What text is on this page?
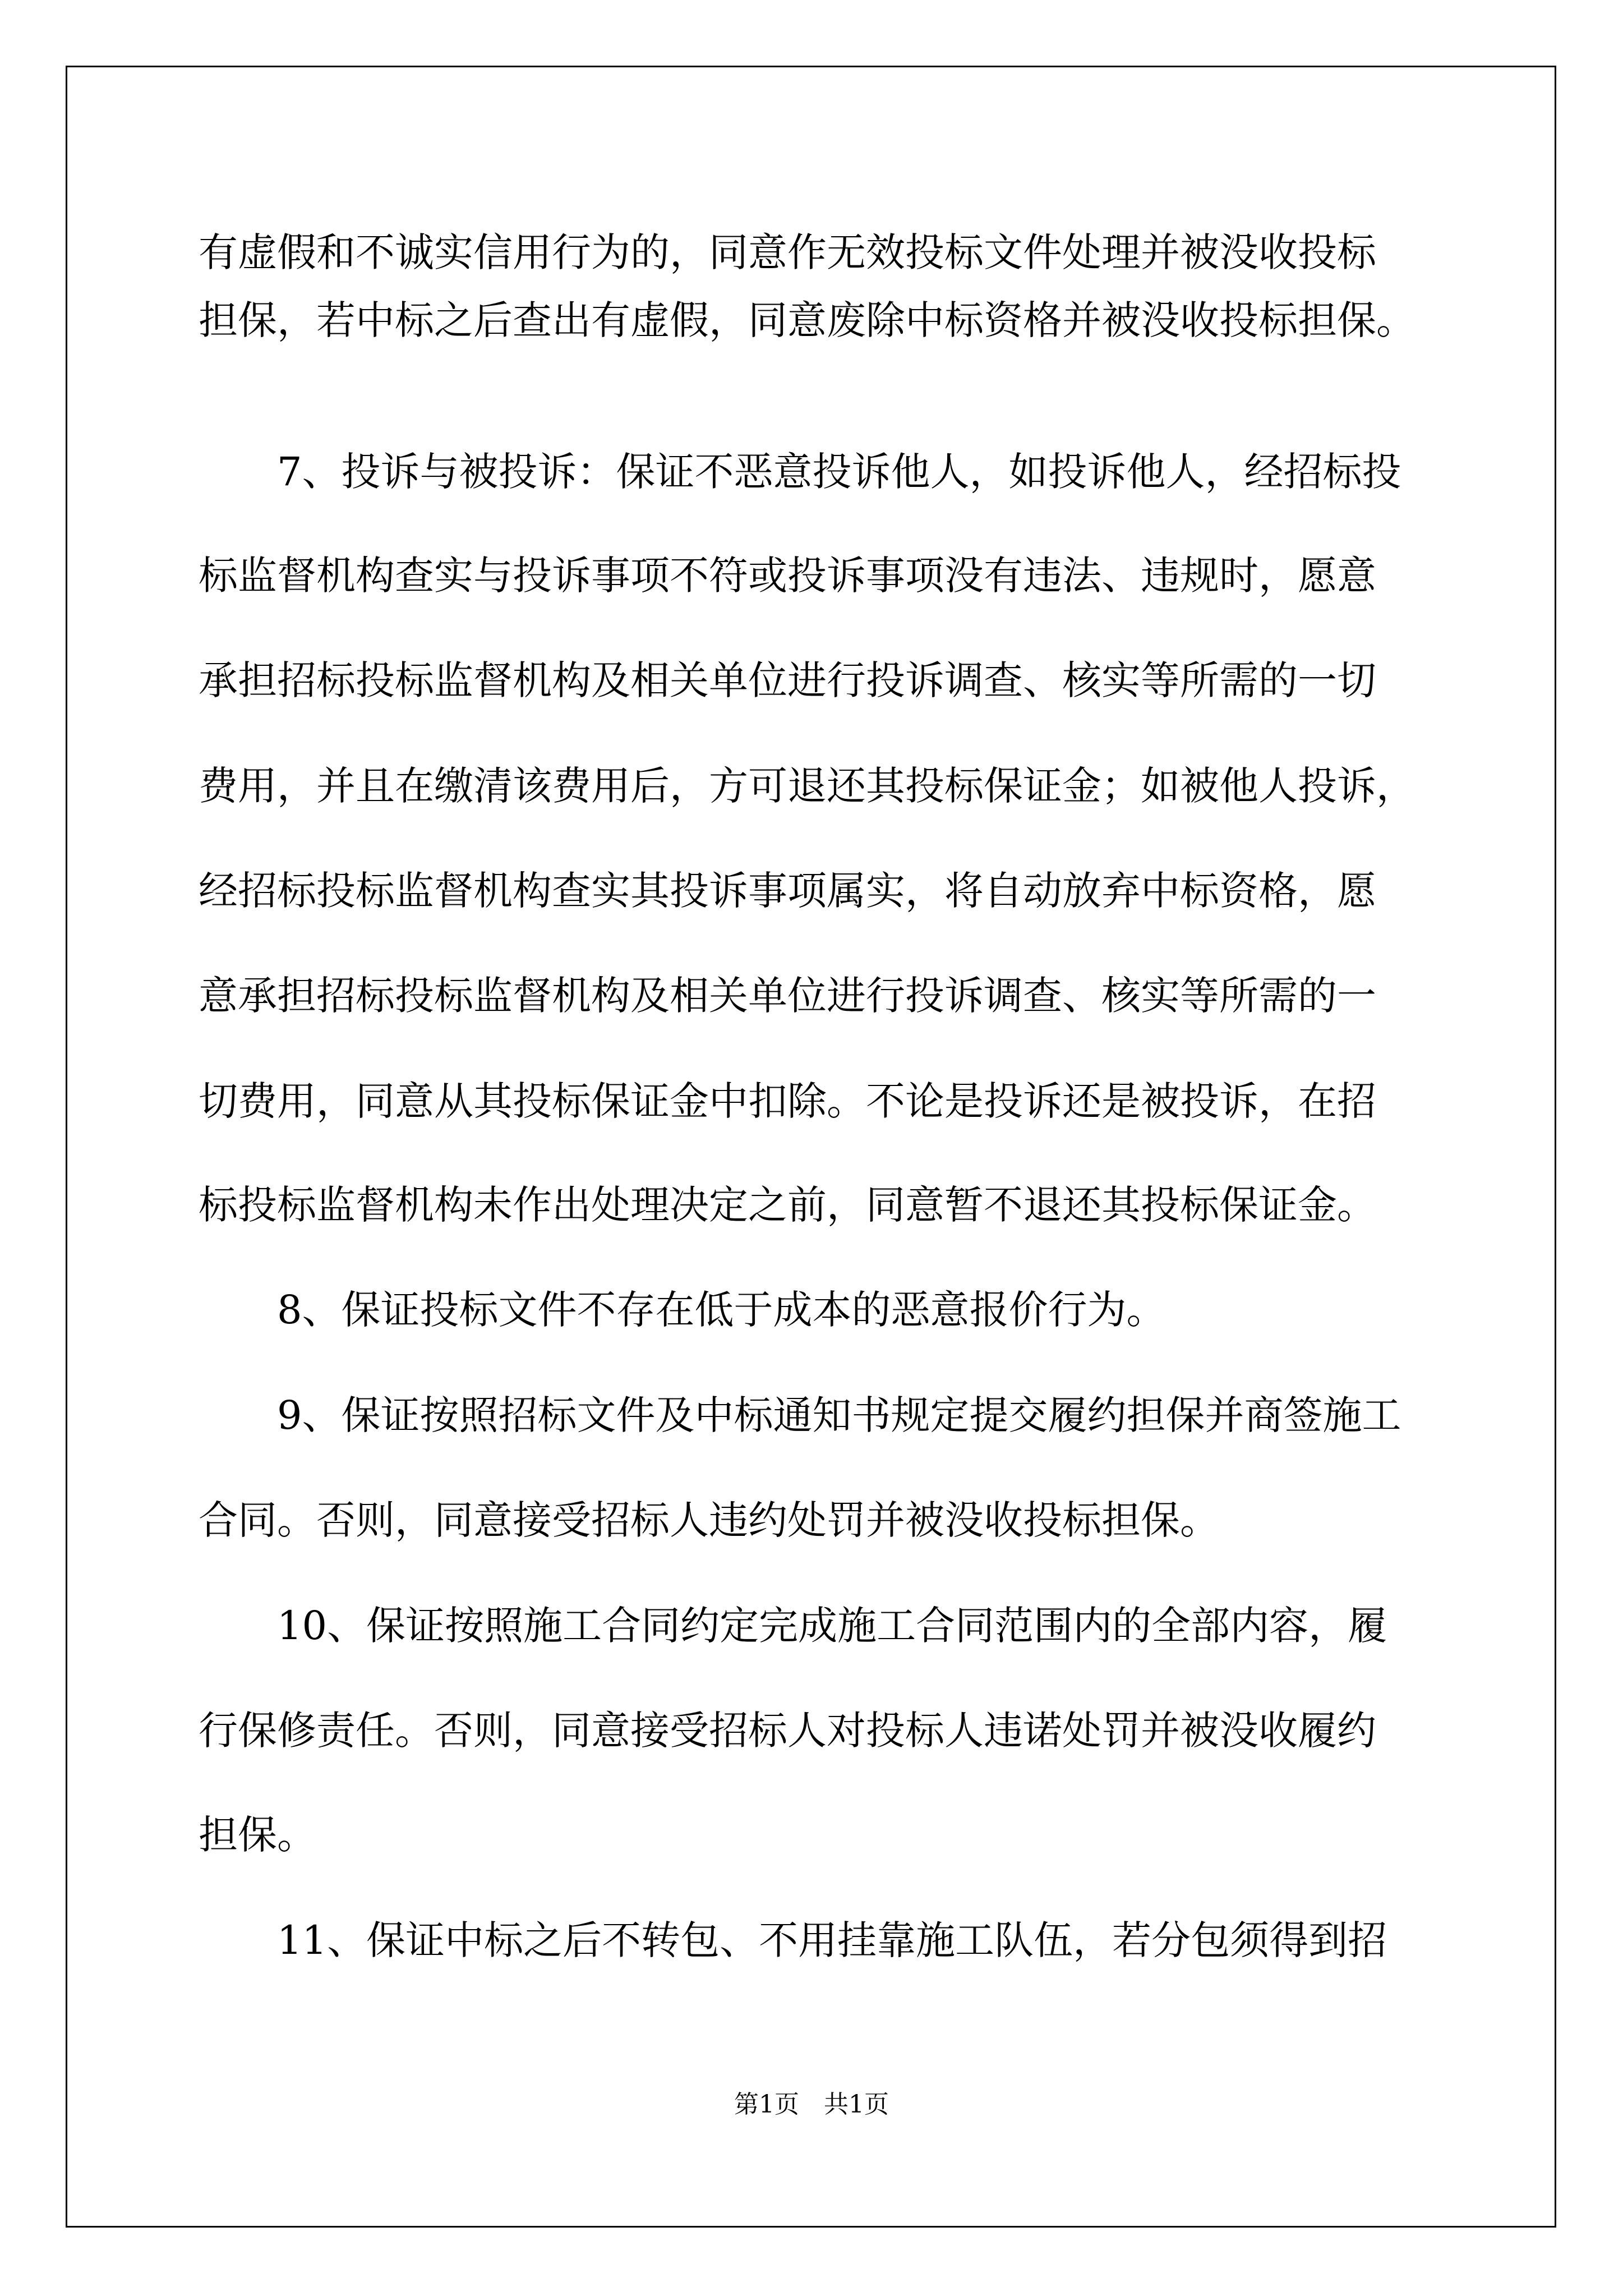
有虚假和不诚实信用行为的，同意作无效投标文件处理并被没收投标
担保，若中标之后查出有虚假，同意废除中标资格并被没收投标担保。
7、投诉与被投诉：保证不恶意投诉他人，如投诉他人，经招标投
标监督机构查实与投诉事项不符或投诉事项没有违法、违规时，愿意
承担招标投标监督机构及相关单位进行投诉调查、核实等所需的一切
费用，并且在缴清该费用后，方可退还其投标保证金；如被他人投诉，
经招标投标监督机构查实其投诉事项属实，将自动放弃中标资格，愿
意承担招标投标监督机构及相关单位进行投诉调查、核实等所需的一
切费用，同意从其投标保证金中扣除。不论是投诉还是被投诉，在招
标投标监督机构未作出处理决定之前，同意暂不退还其投标保证金。
8、保证投标文件不存在低于成本的恶意报价行为。
9、保证按照招标文件及中标通知书规定提交履约担保并商签施工
合同。否则，同意接受招标人违约处罚并被没收投标担保。
10、保证按照施工合同约定完成施工合同范围内的全部内容，履
行保修责任。否则，同意接受招标人对投标人违诺处罚并被没收履约
担保。
11、保证中标之后不转包、不用挂靠施工队伍，若分包须得到招
第1页　共1页
